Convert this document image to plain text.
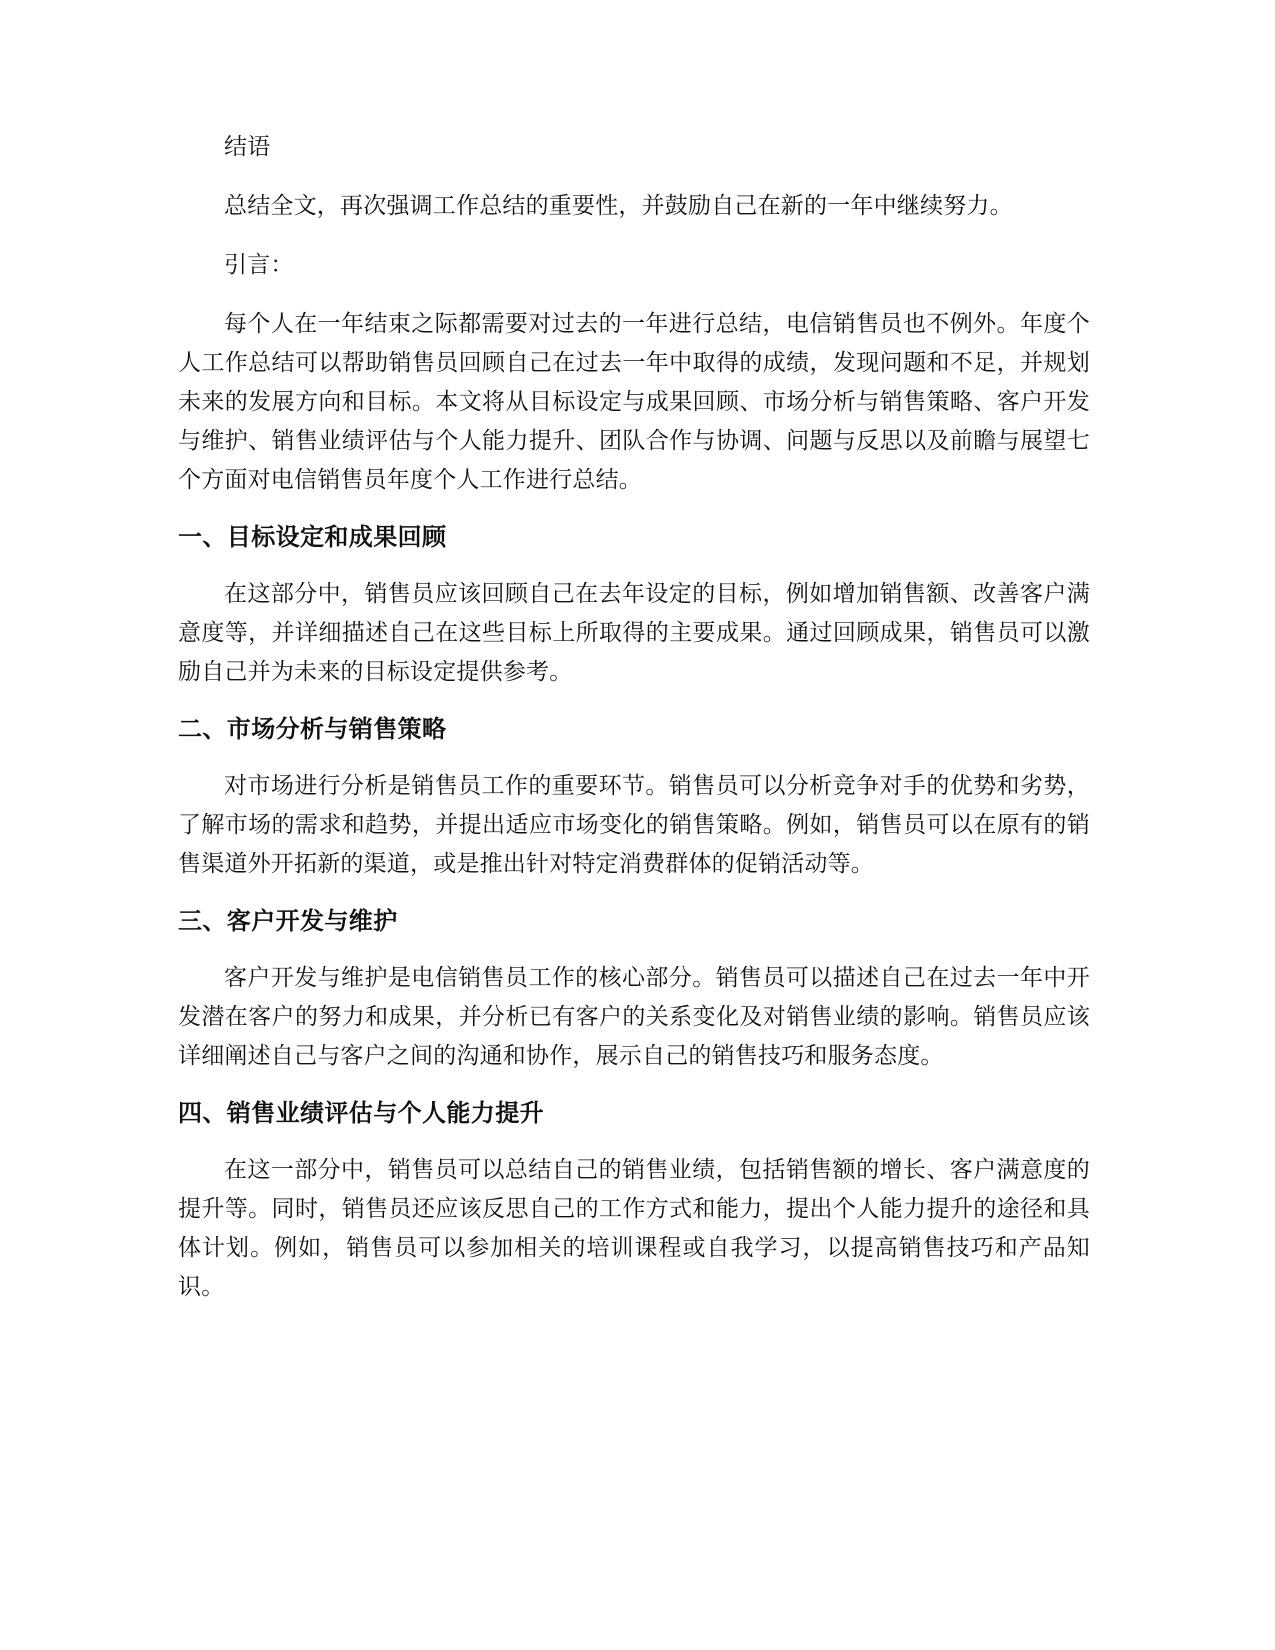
结语

总结全文，再次强调工作总结的重要性，并鼓励自己在新的一年中继续努力。

引言：

每个人在一年结束之际都需要对过去的一年进行总结，电信销售员也不例外。年度个人工作总结可以帮助销售员回顾自己在过去一年中取得的成绩，发现问题和不足，并规划未来的发展方向和目标。本文将从目标设定与成果回顾、市场分析与销售策略、客户开发与维护、销售业绩评估与个人能力提升、团队合作与协调、问题与反思以及前瞻与展望七个方面对电信销售员年度个人工作进行总结。

一、目标设定和成果回顾

在这部分中，销售员应该回顾自己在去年设定的目标，例如增加销售额、改善客户满意度等，并详细描述自己在这些目标上所取得的主要成果。通过回顾成果，销售员可以激励自己并为未来的目标设定提供参考。

二、市场分析与销售策略

对市场进行分析是销售员工作的重要环节。销售员可以分析竞争对手的优势和劣势，了解市场的需求和趋势，并提出适应市场变化的销售策略。例如，销售员可以在原有的销售渠道外开拓新的渠道，或是推出针对特定消费群体的促销活动等。

三、客户开发与维护

客户开发与维护是电信销售员工作的核心部分。销售员可以描述自己在过去一年中开发潜在客户的努力和成果，并分析已有客户的关系变化及对销售业绩的影响。销售员应该详细阐述自己与客户之间的沟通和协作，展示自己的销售技巧和服务态度。

四、销售业绩评估与个人能力提升

在这一部分中，销售员可以总结自己的销售业绩，包括销售额的增长、客户满意度的提升等。同时，销售员还应该反思自己的工作方式和能力，提出个人能力提升的途径和具体计划。例如，销售员可以参加相关的培训课程或自我学习，以提高销售技巧和产品知识。
